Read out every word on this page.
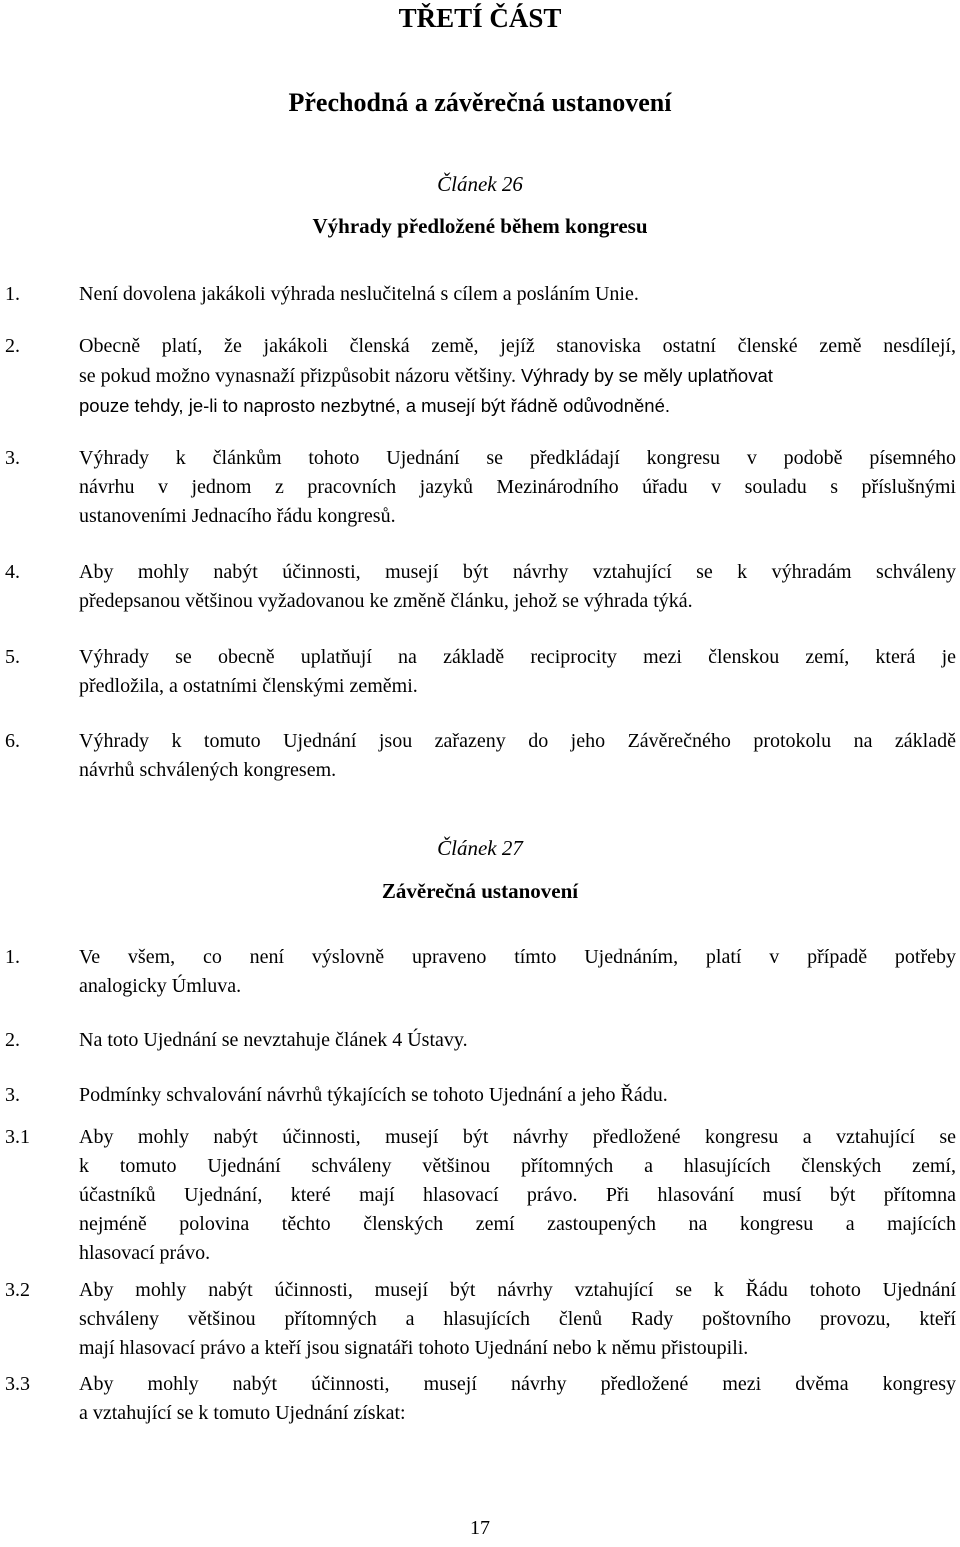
TŘETÍ ČÁST
Přechodná a závěrečná ustanovení
Článek 26
Výhrady předložené během kongresu
1.	Není dovolena jakákoli výhrada neslučitelná s cílem a posláním Unie.
2.	Obecně platí, že jakákoli členská země, jejíž stanoviska ostatní členské země nesdílejí,
se pokud možno vynasnaží přizpůsobit názoru většiny. Výhrady by se měly uplatňovat
pouze tehdy, je-li to naprosto nezbytné, a musejí být řádně odůvodněné.
3.	Výhrady k článkům tohoto Ujednání se předkládají kongresu v podobě písemného
návrhu v jednom z pracovních jazyků Mezinárodního úřadu v souladu s příslušnými
ustanoveními Jednacího řádu kongresů.
4.	Aby mohly nabýt účinnosti, musejí být návrhy vztahující se k výhradám schváleny
předepsanou většinou vyžadovanou ke změně článku, jehož se výhrada týká.
5.	Výhrady se obecně uplatňují na základě reciprocity mezi členskou zemí, která je
předložila, a ostatními členskými zeměmi.
6.	Výhrady k tomuto Ujednání jsou zařazeny do jeho Závěrečného protokolu na základě
návrhů schválených kongresem.
Článek 27
Závěrečná ustanovení
1.	Ve všem, co není výslovně upraveno tímto Ujednáním, platí v případě potřeby
analogicky Úmluva.
2.	Na toto Ujednání se nevztahuje článek 4 Ústavy.
3.	Podmínky schvalování návrhů týkajících se tohoto Ujednání a jeho Řádu.
3.1 Aby mohly nabýt účinnosti, musejí být návrhy předložené kongresu a vztahující se
k tomuto Ujednání schváleny většinou přítomných a hlasujících členských zemí,
účastníků Ujednání, které mají hlasovací právo. Při hlasování musí být přítomna
nejméně polovina těchto členských zemí zastoupených na kongresu a majících
hlasovací právo.
3.2 Aby mohly nabýt účinnosti, musejí být návrhy vztahující se k Řádu tohoto Ujednání
schváleny většinou přítomných a hlasujících členů Rady poštovního provozu, kteří
mají hlasovací právo a kteří jsou signatáři tohoto Ujednání nebo k němu přistoupili.
3.3 Aby mohly nabýt účinnosti, musejí návrhy předložené mezi dvěma kongresy
a vztahující se k tomuto Ujednání získat:
17
